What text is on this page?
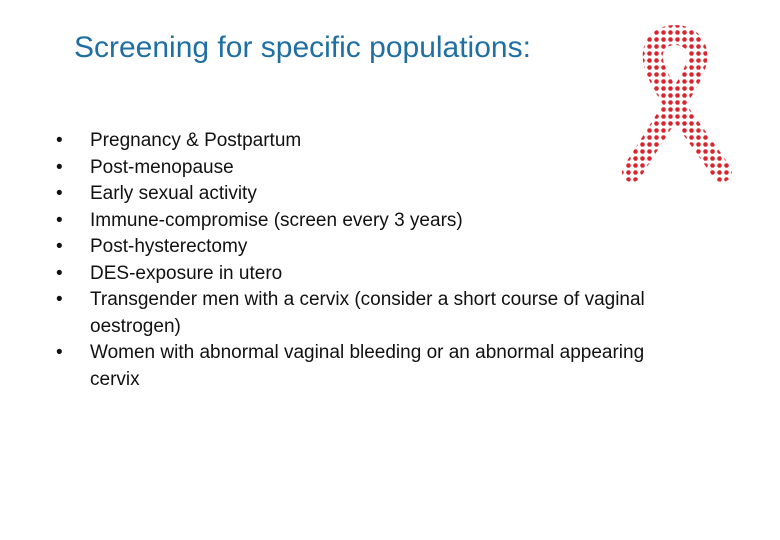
Screening for specific populations:
• Pregnancy & Postpartum
• Post-menopause
• Early sexual activity
• Immune-compromise (screen every 3 years)
• Post-hysterectomy
• DES-exposure in utero
• Transgender men with a cervix (consider a short course of vaginal oestrogen)
• Women with abnormal vaginal bleeding or an abnormal appearing cervix
